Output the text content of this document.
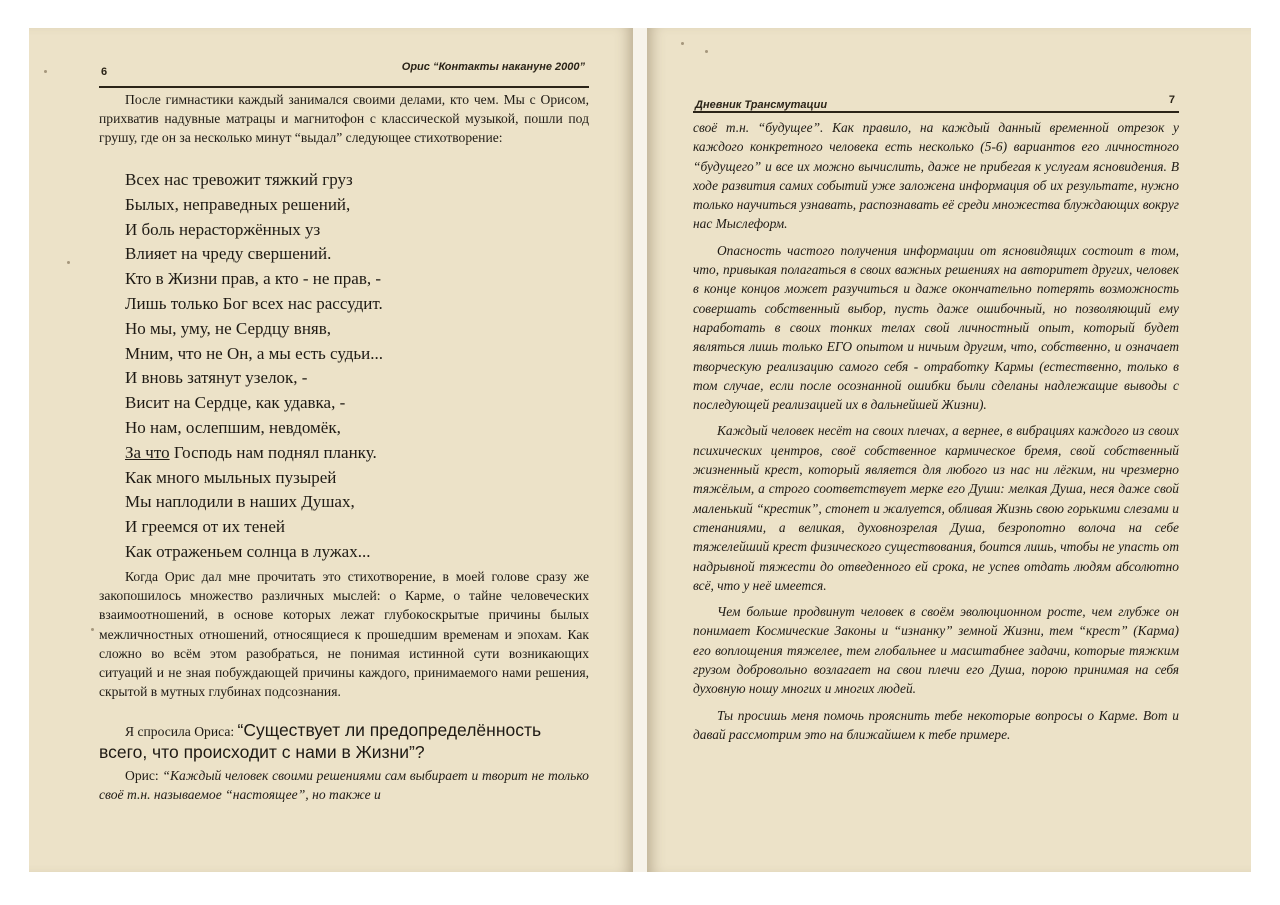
6	Орис “Контакты накануне 2000”

После гимнастики каждый занимался своими делами, кто чем. Мы с Орисом, прихватив надувные матрацы и магнитофон с классической музыкой, пошли под грушу, где он за несколько минут “выдал” следующее стихотворение:

Всех нас тревожит тяжкий груз
Былых, неправедных решений,
И боль нерасторжённых уз
Влияет на чреду свершений.
Кто в Жизни прав, а кто - не прав, -
Лишь только Бог всех нас рассудит.
Но мы, уму, не Сердцу вняв,
Мним, что не Он, а мы есть судьи...
И вновь затянут узелок, -
Висит на Сердце, как удавка, -
Но нам, ослепшим, невдомёк,
За что Господь нам поднял планку.
Как много мыльных пузырей
Мы наплодили в наших Душах,
И греемся от их теней
Как отраженьем солнца в лужах...

Когда Орис дал мне прочитать это стихотворение, в моей голове сразу же закопошилось множество различных мыслей: о Карме, о тайне человеческих взаимоотношений, в основе которых лежат глубокоскрытые причины былых межличностных отношений, относящиеся к прошедшим временам и эпохам. Как сложно во всём этом разобраться, не понимая истинной сути возникающих ситуаций и не зная побуждающей причины каждого, принимаемого нами решения, скрытой в мутных глубинах подсознания.

Я спросила Ориса: “Существует ли предопределённость всего, что происходит с нами в Жизни”?

Орис: “Каждый человек своими решениями сам выбирает и творит не только своё т.н. называемое “настоящее”, но также и

Дневник Трансмутации	7

своё т.н. “будущее”. Как правило, на каждый данный временной отрезок у каждого конкретного человека есть несколько (5-6) вариантов его личностного “будущего” и все их можно вычислить, даже не прибегая к услугам ясновидения. В ходе развития самих событий уже заложена информация об их результате, нужно только научиться узнавать, распознавать её среди множества блуждающих вокруг нас Мыслеформ.

Опасность частого получения информации от ясновидящих состоит в том, что, привыкая полагаться в своих важных решениях на авторитет других, человек в конце концов может разучиться и даже окончательно потерять возможность совершать собственный выбор, пусть даже ошибочный, но позволяющий ему наработать в своих тонких телах свой личностный опыт, который будет являться лишь только ЕГО опытом и ничьим другим, что, собственно, и означает творческую реализацию самого себя - отработку Кармы (естественно, только в том случае, если после осознанной ошибки были сделаны надлежащие выводы с последующей реализацией их в дальнейшей Жизни).

Каждый человек несёт на своих плечах, а вернее, в вибрациях каждого из своих психических центров, своё собственное кармическое бремя, свой собственный жизненный крест, который является для любого из нас ни лёгким, ни чрезмерно тяжёлым, а строго соответствует мерке его Души: мелкая Душа, неся даже свой маленький “крестик”, стонет и жалуется, обливая Жизнь свою горькими слезами и стенаниями, а великая, духовнозрелая Душа, безропотно волоча на себе тяжелейший крест физического существования, боится лишь, чтобы не упасть от надрывной тяжести до отведенного ей срока, не успев отдать людям абсолютно всё, что у неё имеется.

Чем больше продвинут человек в своём эволюционном росте, чем глубже он понимает Космические Законы и “изнанку” земной Жизни, тем “крест” (Карма) его воплощения тяжелее, тем глобальнее и масштабнее задачи, которые тяжким грузом добровольно возлагает на свои плечи его Душа, порою принимая на себя духовную ношу многих и многих людей.

Ты просишь меня помочь прояснить тебе некоторые вопросы о Карме. Вот и давай рассмотрим это на ближайшем к тебе примере.
